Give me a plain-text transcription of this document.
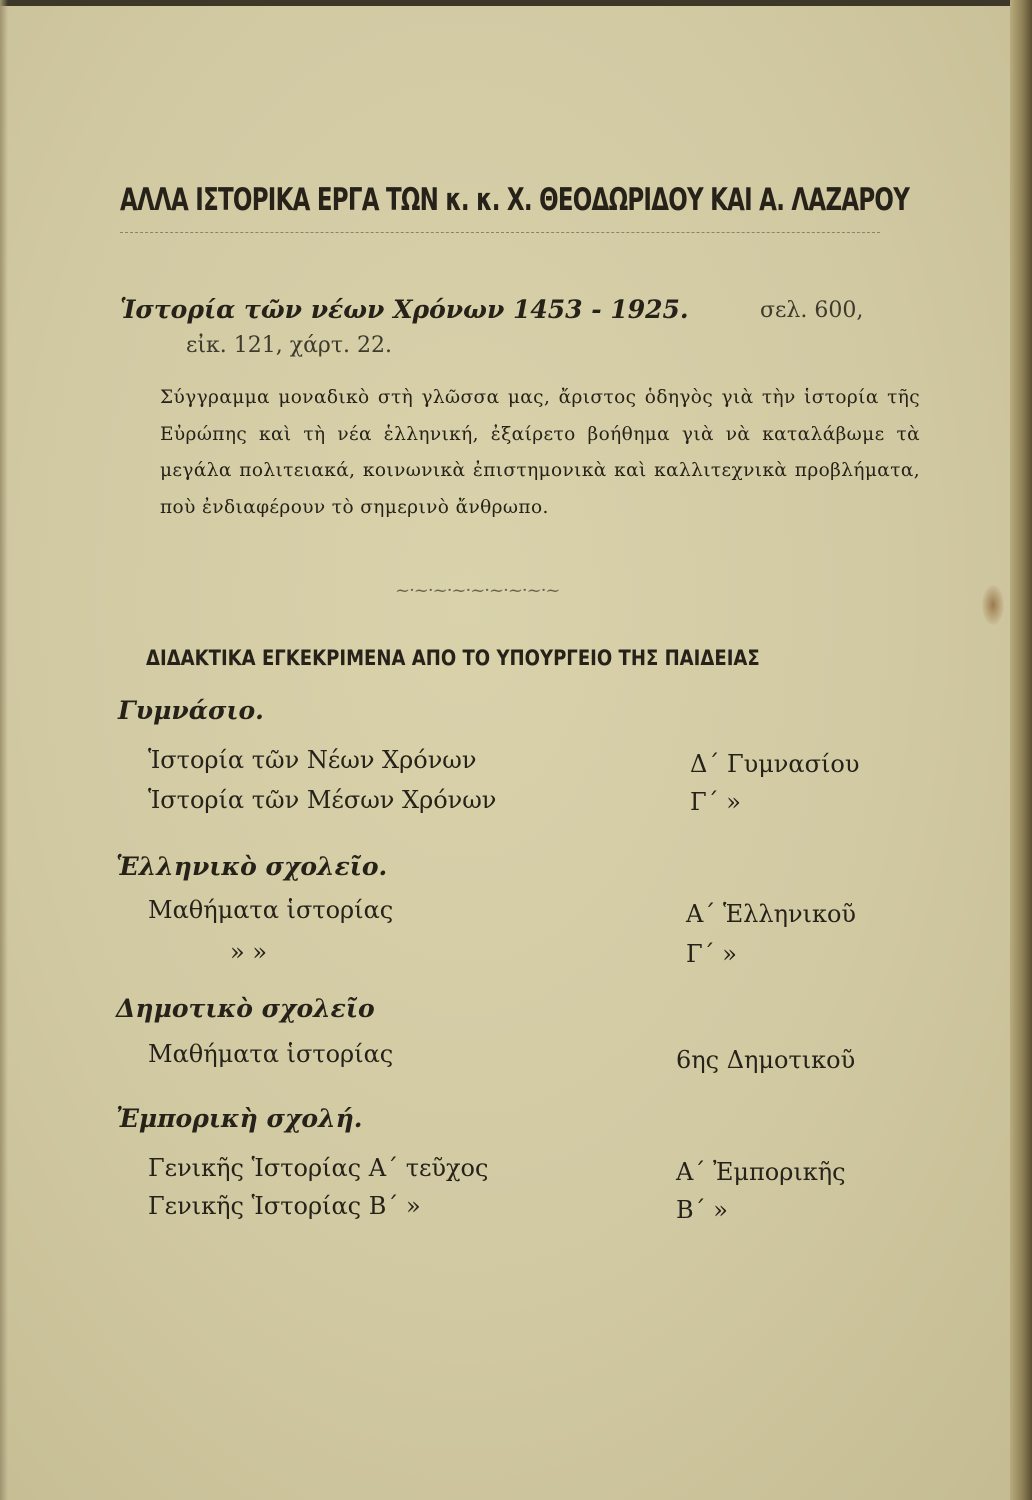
ΑΛΛΑ ΙΣΤΟΡΙΚΑ ΕΡΓΑ ΤΩΝ κ. κ. Χ. ΘΕΟΔΩΡΙΔΟΥ ΚΑΙ Α. ΛΑΖΑΡΟΥ
Ἱστορία τῶν νέων Χρόνων 1453 - 1925.	σελ. 600,
εἰκ. 121, χάρτ. 22.
Σύγγραμμα μοναδικὸ στὴ γλῶσσα μας, ἄριστος ὁδηγὸς γιὰ τὴν ἱστορία τῆς Εὐρώπης καὶ τὴ νέα ἑλληνική, ἐξαίρετο βοήθημα γιὰ νὰ καταλάβωμε τὰ μεγάλα πολιτειακά, κοινωνικὰ ἐπιστημονικὰ καὶ καλλιτεχνικὰ προβλήματα, ποὺ ἐνδιαφέρουν τὸ σημερινὸ ἄνθρωπο.
~·~·~·~·~·~·~·~·~
ΔΙΔΑΚΤΙΚΑ ΕΓΚΕΚΡΙΜΕΝΑ ΑΠΟ ΤΟ ΥΠΟΥΡΓΕΙΟ ΤΗΣ ΠΑΙΔΕΙΑΣ
Γυμνάσιο.
Ἱστορία τῶν Νέων Χρόνων	Δ΄ Γυμνασίου
Ἱστορία τῶν Μέσων Χρόνων	Γ΄ »
Ἑλληνικὸ σχολεῖο.
Μαθήματα ἱστορίας	Α΄ Ἑλληνικοῦ
» »	Γ΄ »
Δημοτικὸ σχολεῖο
Μαθήματα ἱστορίας	6ης Δημοτικοῦ
Ἐμπορικὴ σχολή.
Γενικῆς Ἱστορίας Α΄ τεῦχος	Α΄ Ἐμπορικῆς
Γενικῆς Ἱστορίας Β΄ »	Β΄ »
